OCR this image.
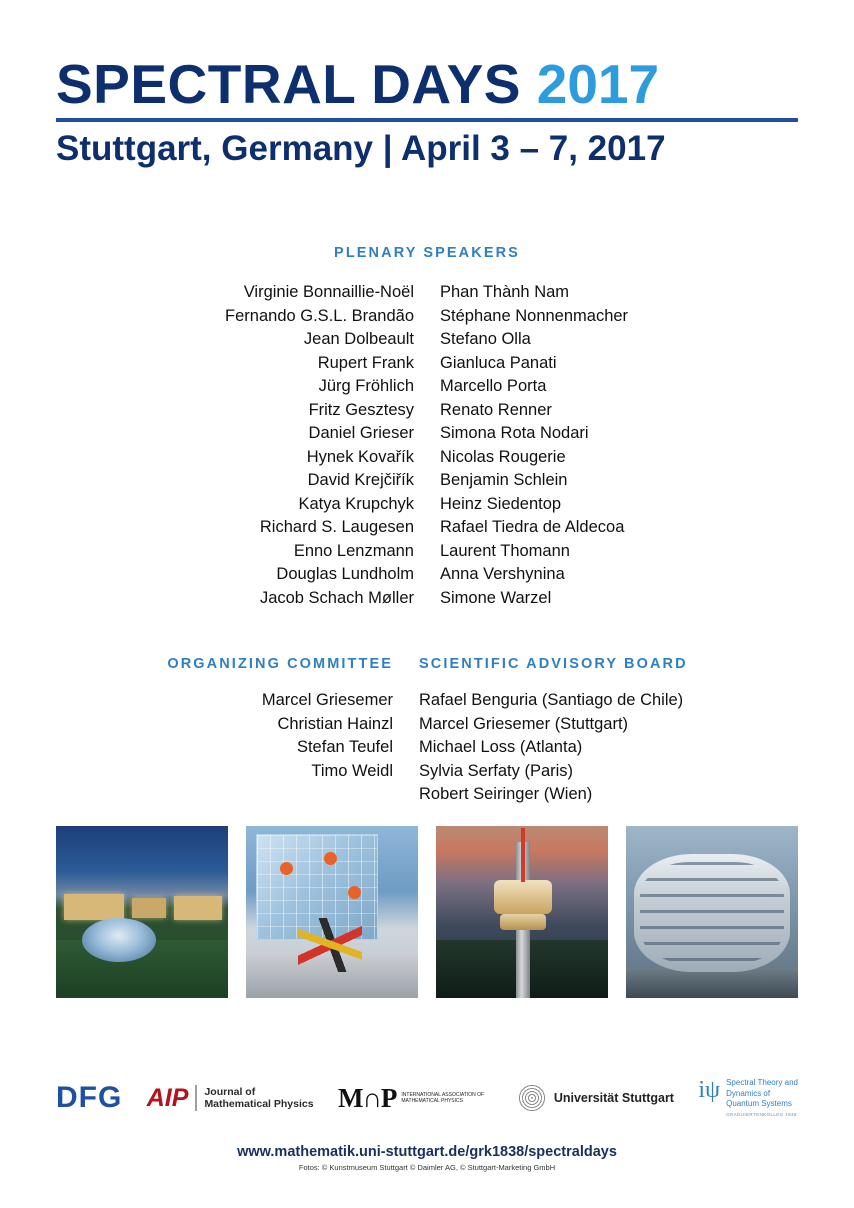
SPECTRAL DAYS 2017
Stuttgart, Germany | April 3 – 7, 2017
PLENARY SPEAKERS
Virginie Bonnaillie-Noël
Fernando G.S.L. Brandão
Jean Dolbeault
Rupert Frank
Jürg Fröhlich
Fritz Gesztesy
Daniel Grieser
Hynek Kovařík
David Krejčiřík
Katya Krupchyk
Richard S. Laugesen
Enno Lenzmann
Douglas Lundholm
Jacob Schach Møller
Phan Thành Nam
Stéphane Nonnenmacher
Stefano Olla
Gianluca Panati
Marcello Porta
Renato Renner
Simona Rota Nodari
Nicolas Rougerie
Benjamin Schlein
Heinz Siedentop
Rafael Tiedra de Aldecoa
Laurent Thomann
Anna Vershynina
Simone Warzel
ORGANIZING COMMITTEE
Marcel Griesemer
Christian Hainzl
Stefan Teufel
Timo Weidl
SCIENTIFIC ADVISORY BOARD
Rafael Benguria (Santiago de Chile)
Marcel Griesemer (Stuttgart)
Michael Loss (Atlanta)
Sylvia Serfaty (Paris)
Robert Seiringer (Wien)
DFG AIP Journal of
Mathematical Physics M∩P INTERNATIONAL ASSOCIATION OF MATHEMATICAL PHYSICS	Universität Stuttgart iψ Spectral Theory and
Dynamics of
Quantum Systems
GRADUIERTENKOLLEG 1838
www.mathematik.uni-stuttgart.de/grk1838/spectraldays
Fotos: © Kunstmuseum Stuttgart © Daimler AG, © Stuttgart-Marketing GmbH
